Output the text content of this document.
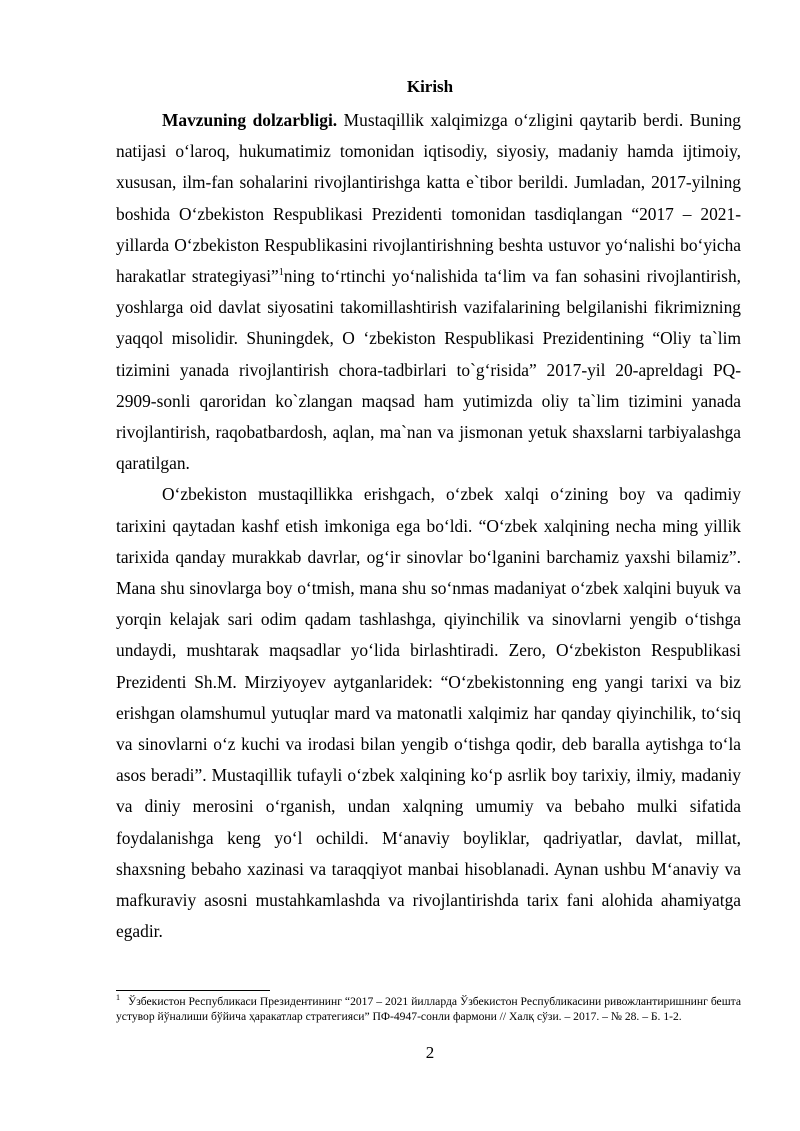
Kirish

Mavzuning dolzarbligi. Mustaqillik xalqimizga oʻzligini qaytarib berdi. Buning natijasi oʻlaroq, hukumatimiz tomonidan iqtisodiy, siyosiy, madaniy hamda ijtimoiy, xususan, ilm-fan sohalarini rivojlantirishga katta e`tibor berildi. Jumladan, 2017-yilning boshida Oʻzbekiston Respublikasi Prezidenti tomonidan tasdiqlangan “2017 – 2021-yillarda Oʻzbekiston Respublikasini rivojlantirishning beshta ustuvor yoʻnalishi boʻyicha harakatlar strategiyasi”$^1$ning toʻrtinchi yoʻnalishida taʻlim va fan sohasini rivojlantirish, yoshlarga oid davlat siyosatini takomillashtirish vazifalarining belgilanishi fikrimizning yaqqol misolidir. Shuningdek, O ʻzbekiston Respublikasi Prezidentining “Oliy ta`lim tizimini yanada rivojlantirish chora-tadbirlari to`gʻrisida” 2017-yil 20-apreldagi PQ-2909-sonli qaroridan ko`zlangan maqsad ham yutimizda oliy ta`lim tizimini yanada rivojlantirish, raqobatbardosh, aqlan, ma`nan va jismonan yetuk shaxslarni tarbiyalashga qaratilgan.

Oʻzbekiston mustaqillikka erishgach, oʻzbek xalqi oʻzining boy va qadimiy tarixini qaytadan kashf etish imkoniga ega boʻldi. “Oʻzbek xalqining necha ming yillik tarixida qanday murakkab davrlar, ogʻir sinovlar boʻlganini barchamiz yaxshi bilamiz”. Mana shu sinovlarga boy oʻtmish, mana shu soʻnmas madaniyat oʻzbek xalqini buyuk va yorqin kelajak sari odim qadam tashlashga, qiyinchilik va sinovlarni yengib oʻtishga undaydi, mushtarak maqsadlar yoʻlida birlashtiradi. Zero, Oʻzbekiston Respublikasi Prezidenti Sh.M. Mirziyoyev aytganlaridek: “Oʻzbekistonning eng yangi tarixi va biz erishgan olamshumul yutuqlar mard va matonatli xalqimiz har qanday qiyinchilik, toʻsiq va sinovlarni oʻz kuchi va irodasi bilan yengib oʻtishga qodir, deb baralla aytishga toʻla asos beradi”. Mustaqillik tufayli oʻzbek xalqining koʻp asrlik boy tarixiy, ilmiy, madaniy va diniy merosini oʻrganish, undan xalqning umumiy va bebaho mulki sifatida foydalanishga keng yoʻl ochildi. Mʻanaviy boyliklar, qadriyatlar, davlat, millat, shaxsning bebaho xazinasi va taraqqiyot manbai hisoblanadi. Aynan ushbu Mʻanaviy va mafkuraviy asosni mustahkamlashda va rivojlantirishda tarix fani alohida ahamiyatga egadir.

$^1$ Ўзбекистон Республикаси Президентининг “2017 – 2021 йилларда Ўзбекистон Республикасини ривожлантиришнинг бешта устувор йўналиши бўйича ҳаракатлар стратегияси” ПФ-4947-сонли фармони // Халқ сўзи. – 2017. – № 28. – Б. 1-2.
2
